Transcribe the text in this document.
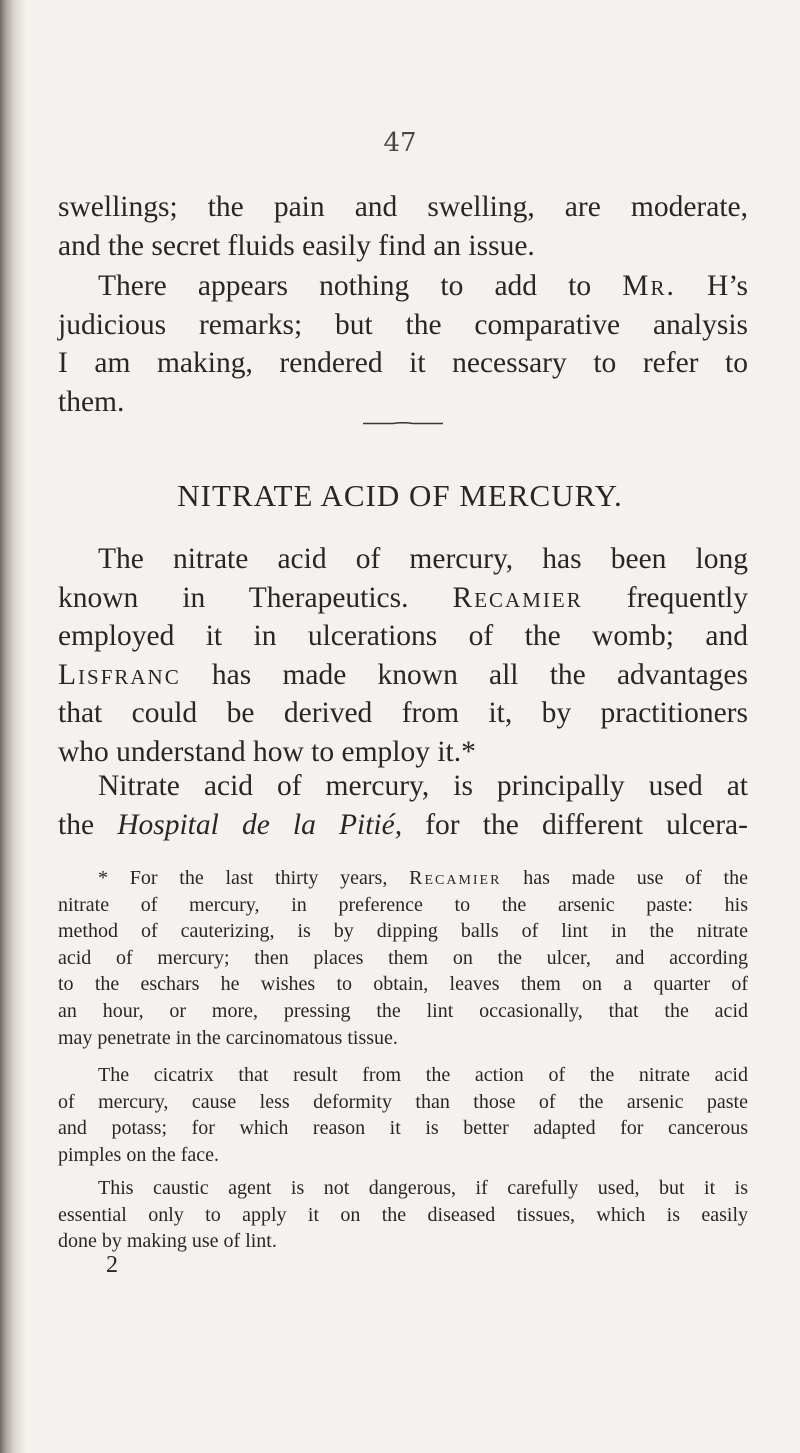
47
swellings; the pain and swelling, are moderate,
and the secret fluids easily find an issue.
There appears nothing to add to Mr. H’s
judicious remarks; but the comparative analysis
I am making, rendered it necessary to refer to
them.
NITRATE ACID OF MERCURY.
The nitrate acid of mercury, has been long
known in Therapeutics. Recamier frequently
employed it in ulcerations of the womb; and
Lisfranc has made known all the advantages
that could be derived from it, by practitioners
who understand how to employ it.*
Nitrate acid of mercury, is principally used at
the Hospital de la Pitié, for the different ulcera-
* For the last thirty years, Recamier has made use of the
nitrate of mercury, in preference to the arsenic paste: his
method of cauterizing, is by dipping balls of lint in the nitrate
acid of mercury; then places them on the ulcer, and according
to the eschars he wishes to obtain, leaves them on a quarter of
an hour, or more, pressing the lint occasionally, that the acid
may penetrate in the carcinomatous tissue.
The cicatrix that result from the action of the nitrate acid
of mercury, cause less deformity than those of the arsenic paste
and potass; for which reason it is better adapted for cancerous
pimples on the face.
This caustic agent is not dangerous, if carefully used, but it is
essential only to apply it on the diseased tissues, which is easily
done by making use of lint.
2
